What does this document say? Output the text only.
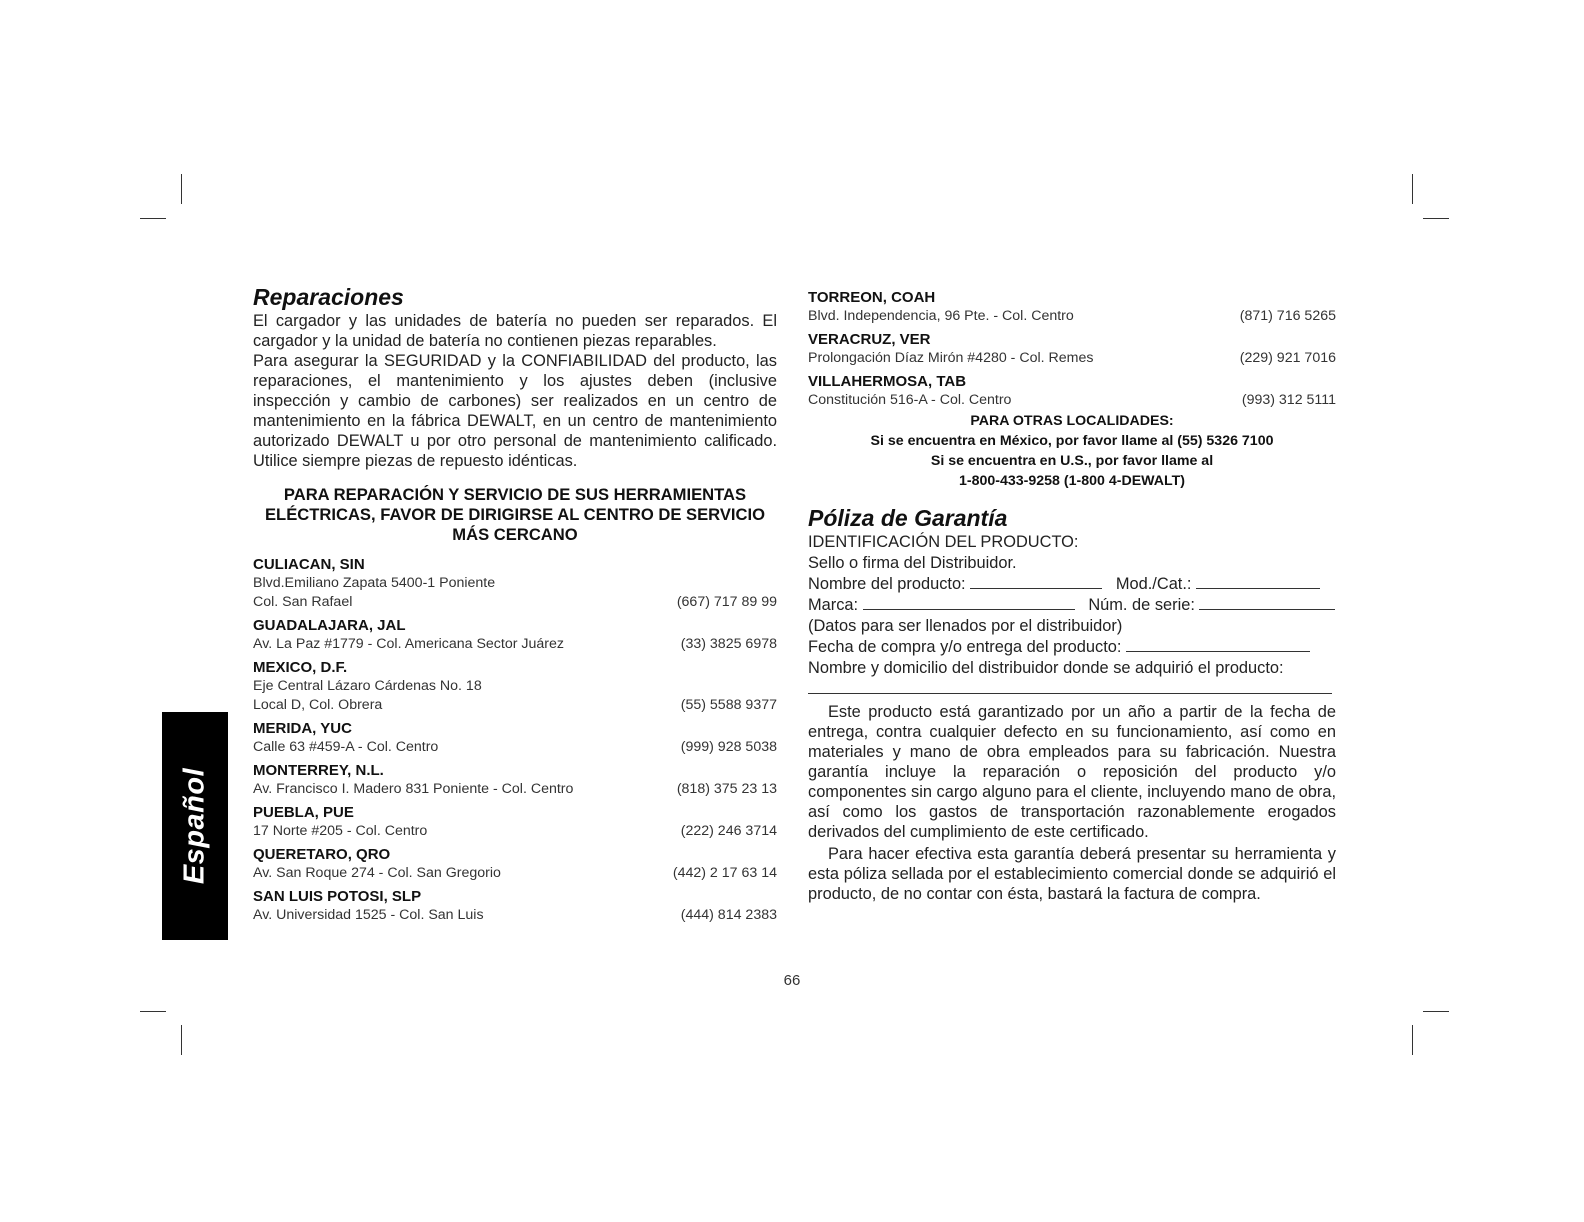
Español
Reparaciones

El cargador y las unidades de batería no pueden ser reparados. El cargador y la unidad de batería no contienen piezas reparables.

Para asegurar la SEGURIDAD y la CONFIABILIDAD del producto, las reparaciones, el mantenimiento y los ajustes deben (inclusive inspección y cambio de carbones) ser realizados en un centro de mantenimiento en la fábrica DEWALT, en un centro de mantenimiento autorizado DEWALT u por otro personal de mantenimiento calificado. Utilice siempre piezas de repuesto idénticas.

PARA REPARACIÓN Y SERVICIO DE SUS HERRAMIENTAS ELÉCTRICAS, FAVOR DE DIRIGIRSE AL CENTRO DE SERVICIO MÁS CERCANO
CULIACAN, SIN
Blvd.Emiliano Zapata 5400-1 Poniente
Col. San Rafael	(667) 717 89 99
GUADALAJARA, JAL
Av. La Paz #1779 - Col. Americana Sector Juárez	(33) 3825 6978
MEXICO, D.F.
Eje Central Lázaro Cárdenas No. 18
Local D, Col. Obrera	(55) 5588 9377
MERIDA, YUC
Calle 63 #459-A - Col. Centro	(999) 928 5038
MONTERREY, N.L.
Av. Francisco I. Madero 831 Poniente - Col. Centro	(818) 375 23 13
PUEBLA, PUE
17 Norte #205 - Col. Centro	(222) 246 3714
QUERETARO, QRO
Av. San Roque 274 - Col. San Gregorio	(442) 2 17 63 14
SAN LUIS POTOSI, SLP
Av. Universidad 1525 - Col. San Luis	(444) 814 2383
TORREON, COAH
Blvd. Independencia, 96 Pte. - Col. Centro	(871) 716 5265
VERACRUZ, VER
Prolongación Díaz Mirón #4280 - Col. Remes	(229) 921 7016
VILLAHERMOSA, TAB
Constitución 516-A - Col. Centro	(993) 312 5111
PARA OTRAS LOCALIDADES:
Si se encuentra en México, por favor llame al (55) 5326 7100
Si se encuentra en U.S., por favor llame al
1-800-433-9258 (1-800 4-DEWALT)
Póliza de Garantía
IDENTIFICACIÓN DEL PRODUCTO:
Sello o firma del Distribuidor.
Nombre del producto:	Mod./Cat.:
Marca:	Núm. de serie:
(Datos para ser llenados por el distribuidor)
Fecha de compra y/o entrega del producto:
Nombre y domicilio del distribuidor donde se adquirió el producto:

Este producto está garantizado por un año a partir de la fecha de entrega, contra cualquier defecto en su funcionamiento, así como en materiales y mano de obra empleados para su fabricación. Nuestra garantía incluye la reparación o reposición del producto y/o componentes sin cargo alguno para el cliente, incluyendo mano de obra, así como los gastos de transportación razonablemente erogados derivados del cumplimiento de este certificado.

Para hacer efectiva esta garantía deberá presentar su herramienta y esta póliza sellada por el establecimiento comercial donde se adquirió el producto, de no contar con ésta, bastará la factura de compra.

66
